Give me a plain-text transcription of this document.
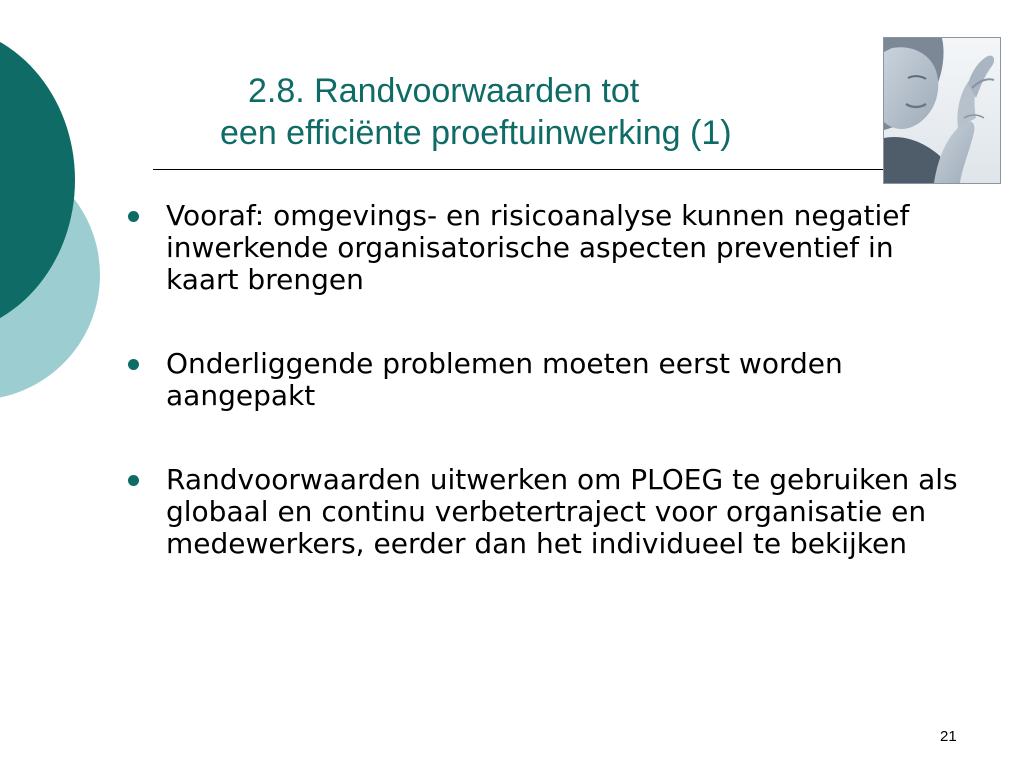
2.8. Randvoorwaarden tot
een efficiënte proeftuinwerking (1)
Vooraf: omgevings- en risicoanalyse kunnen negatief inwerkende organisatorische aspecten preventief in kaart brengen
Onderliggende problemen moeten eerst worden aangepakt
Randvoorwaarden uitwerken om PLOEG te gebruiken als globaal en continu verbetertraject voor organisatie en medewerkers, eerder dan het individueel te bekijken
21
